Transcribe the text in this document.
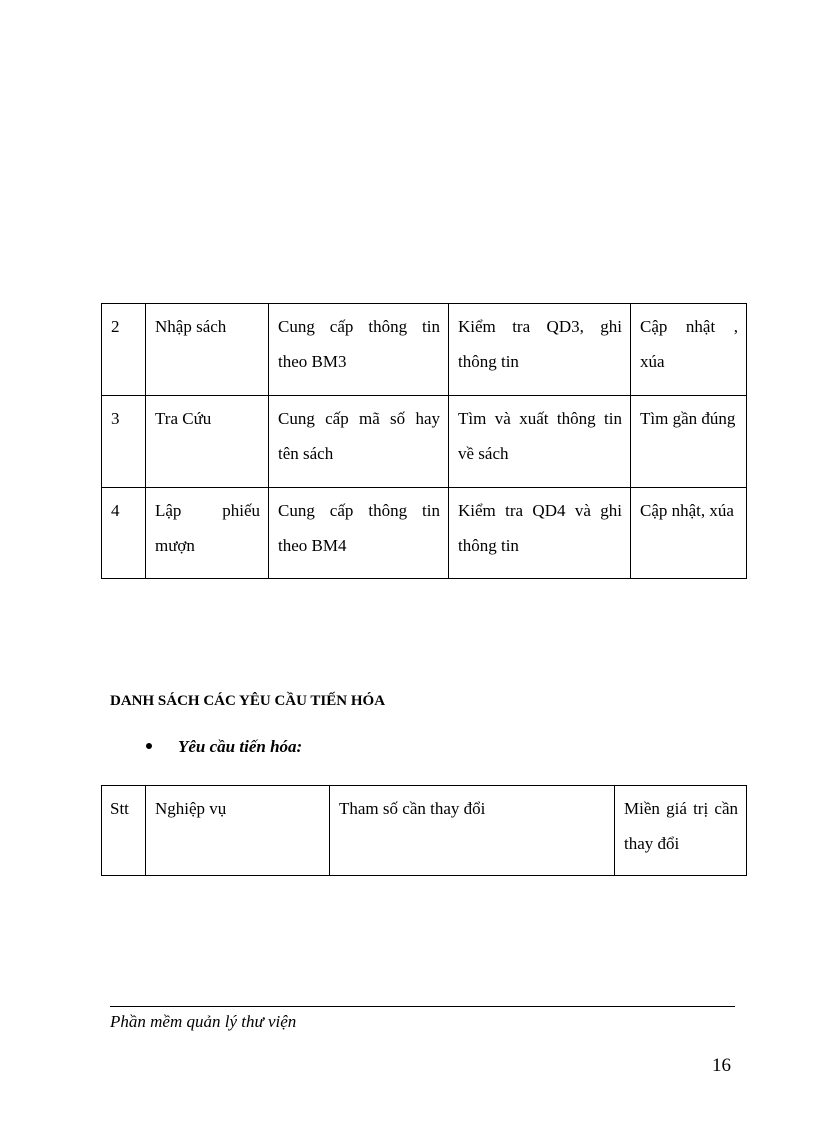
2	Nhập sách	Cung cấp thông tin theo BM3	Kiểm tra QD3, ghi thông tin	Cập nhật , xúa
3	Tra Cứu	Cung cấp mã số hay tên sách	Tìm và xuất thông tin về sách	Tìm gần đúng
4	Lập phiếu mượn	Cung cấp thông tin theo BM4	Kiểm tra QD4 và ghi thông tin	Cập nhật, xúa
DANH SÁCH CÁC YÊU CẦU TIẾN HÓA
Yêu cầu tiến hóa:
Stt	Nghiệp vụ	Tham số cần thay đổi	Miền giá trị cần thay đổi
Phần mềm quản lý thư viện
16
